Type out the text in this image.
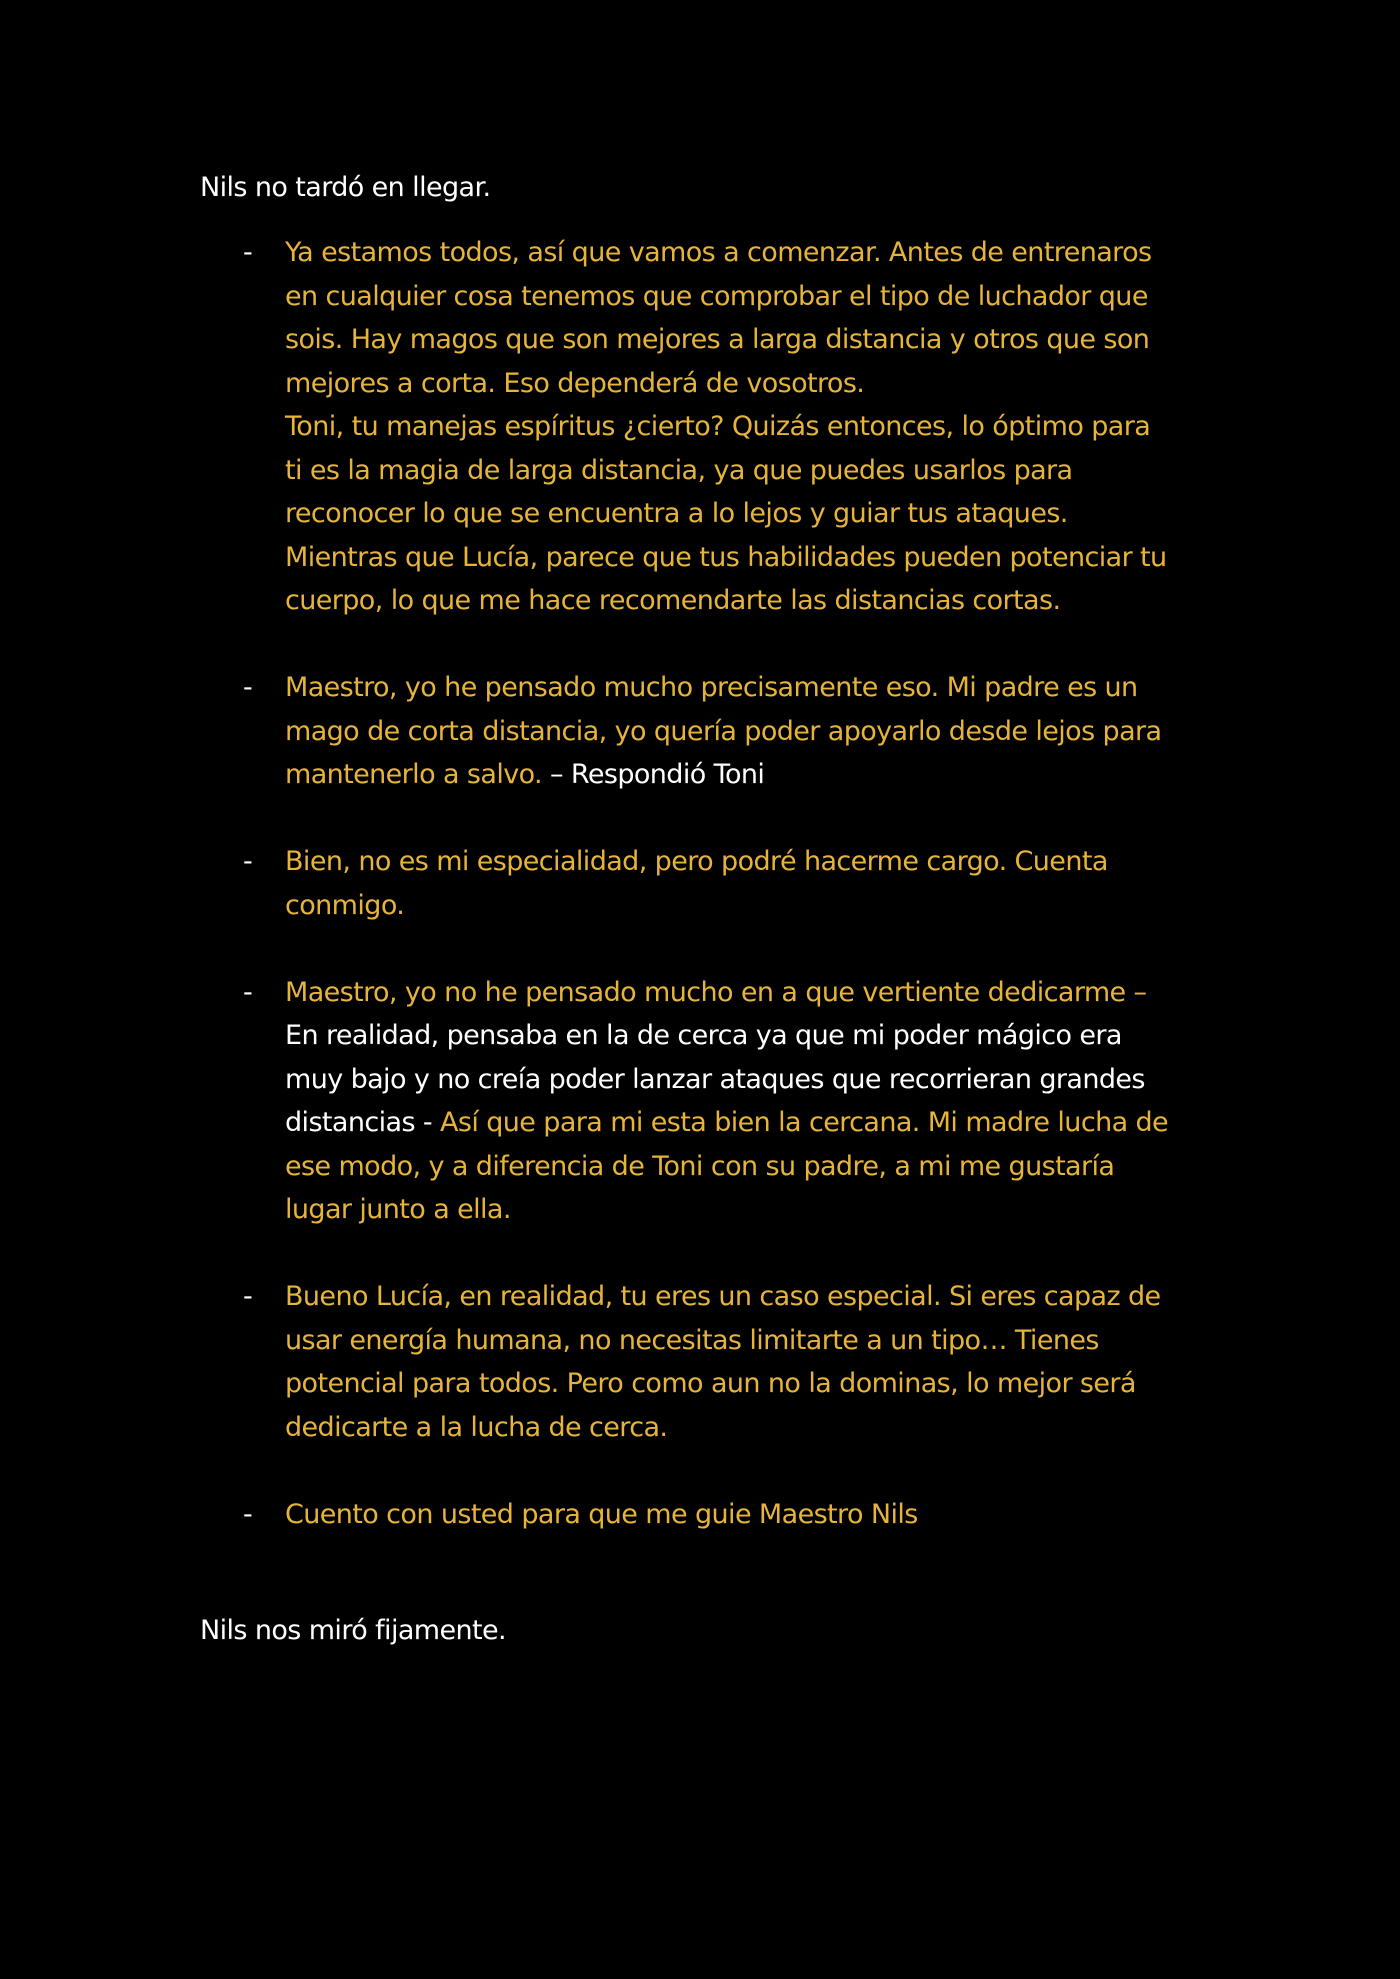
Nils no tardó en llegar.

- Ya estamos todos, así que vamos a comenzar. Antes de entrenaros
en cualquier cosa tenemos que comprobar el tipo de luchador que
sois. Hay magos que son mejores a larga distancia y otros que son
mejores a corta. Eso dependerá de vosotros.
Toni, tu manejas espíritus ¿cierto? Quizás entonces, lo óptimo para
ti es la magia de larga distancia, ya que puedes usarlos para
reconocer lo que se encuentra a lo lejos y guiar tus ataques.
Mientras que Lucía, parece que tus habilidades pueden potenciar tu
cuerpo, lo que me hace recomendarte las distancias cortas.
- Maestro, yo he pensado mucho precisamente eso. Mi padre es un
mago de corta distancia, yo quería poder apoyarlo desde lejos para
mantenerlo a salvo. – Respondió Toni
- Bien, no es mi especialidad, pero podré hacerme cargo. Cuenta
conmigo.
- Maestro, yo no he pensado mucho en a que vertiente dedicarme –
En realidad, pensaba en la de cerca ya que mi poder mágico era
muy bajo y no creía poder lanzar ataques que recorrieran grandes
distancias - Así que para mi esta bien la cercana. Mi madre lucha de
ese modo, y a diferencia de Toni con su padre, a mi me gustaría
lugar junto a ella.
- Bueno Lucía, en realidad, tu eres un caso especial. Si eres capaz de
usar energía humana, no necesitas limitarte a un tipo… Tienes
potencial para todos. Pero como aun no la dominas, lo mejor será
dedicarte a la lucha de cerca.
- Cuento con usted para que me guie Maestro Nils

Nils nos miró fijamente.
